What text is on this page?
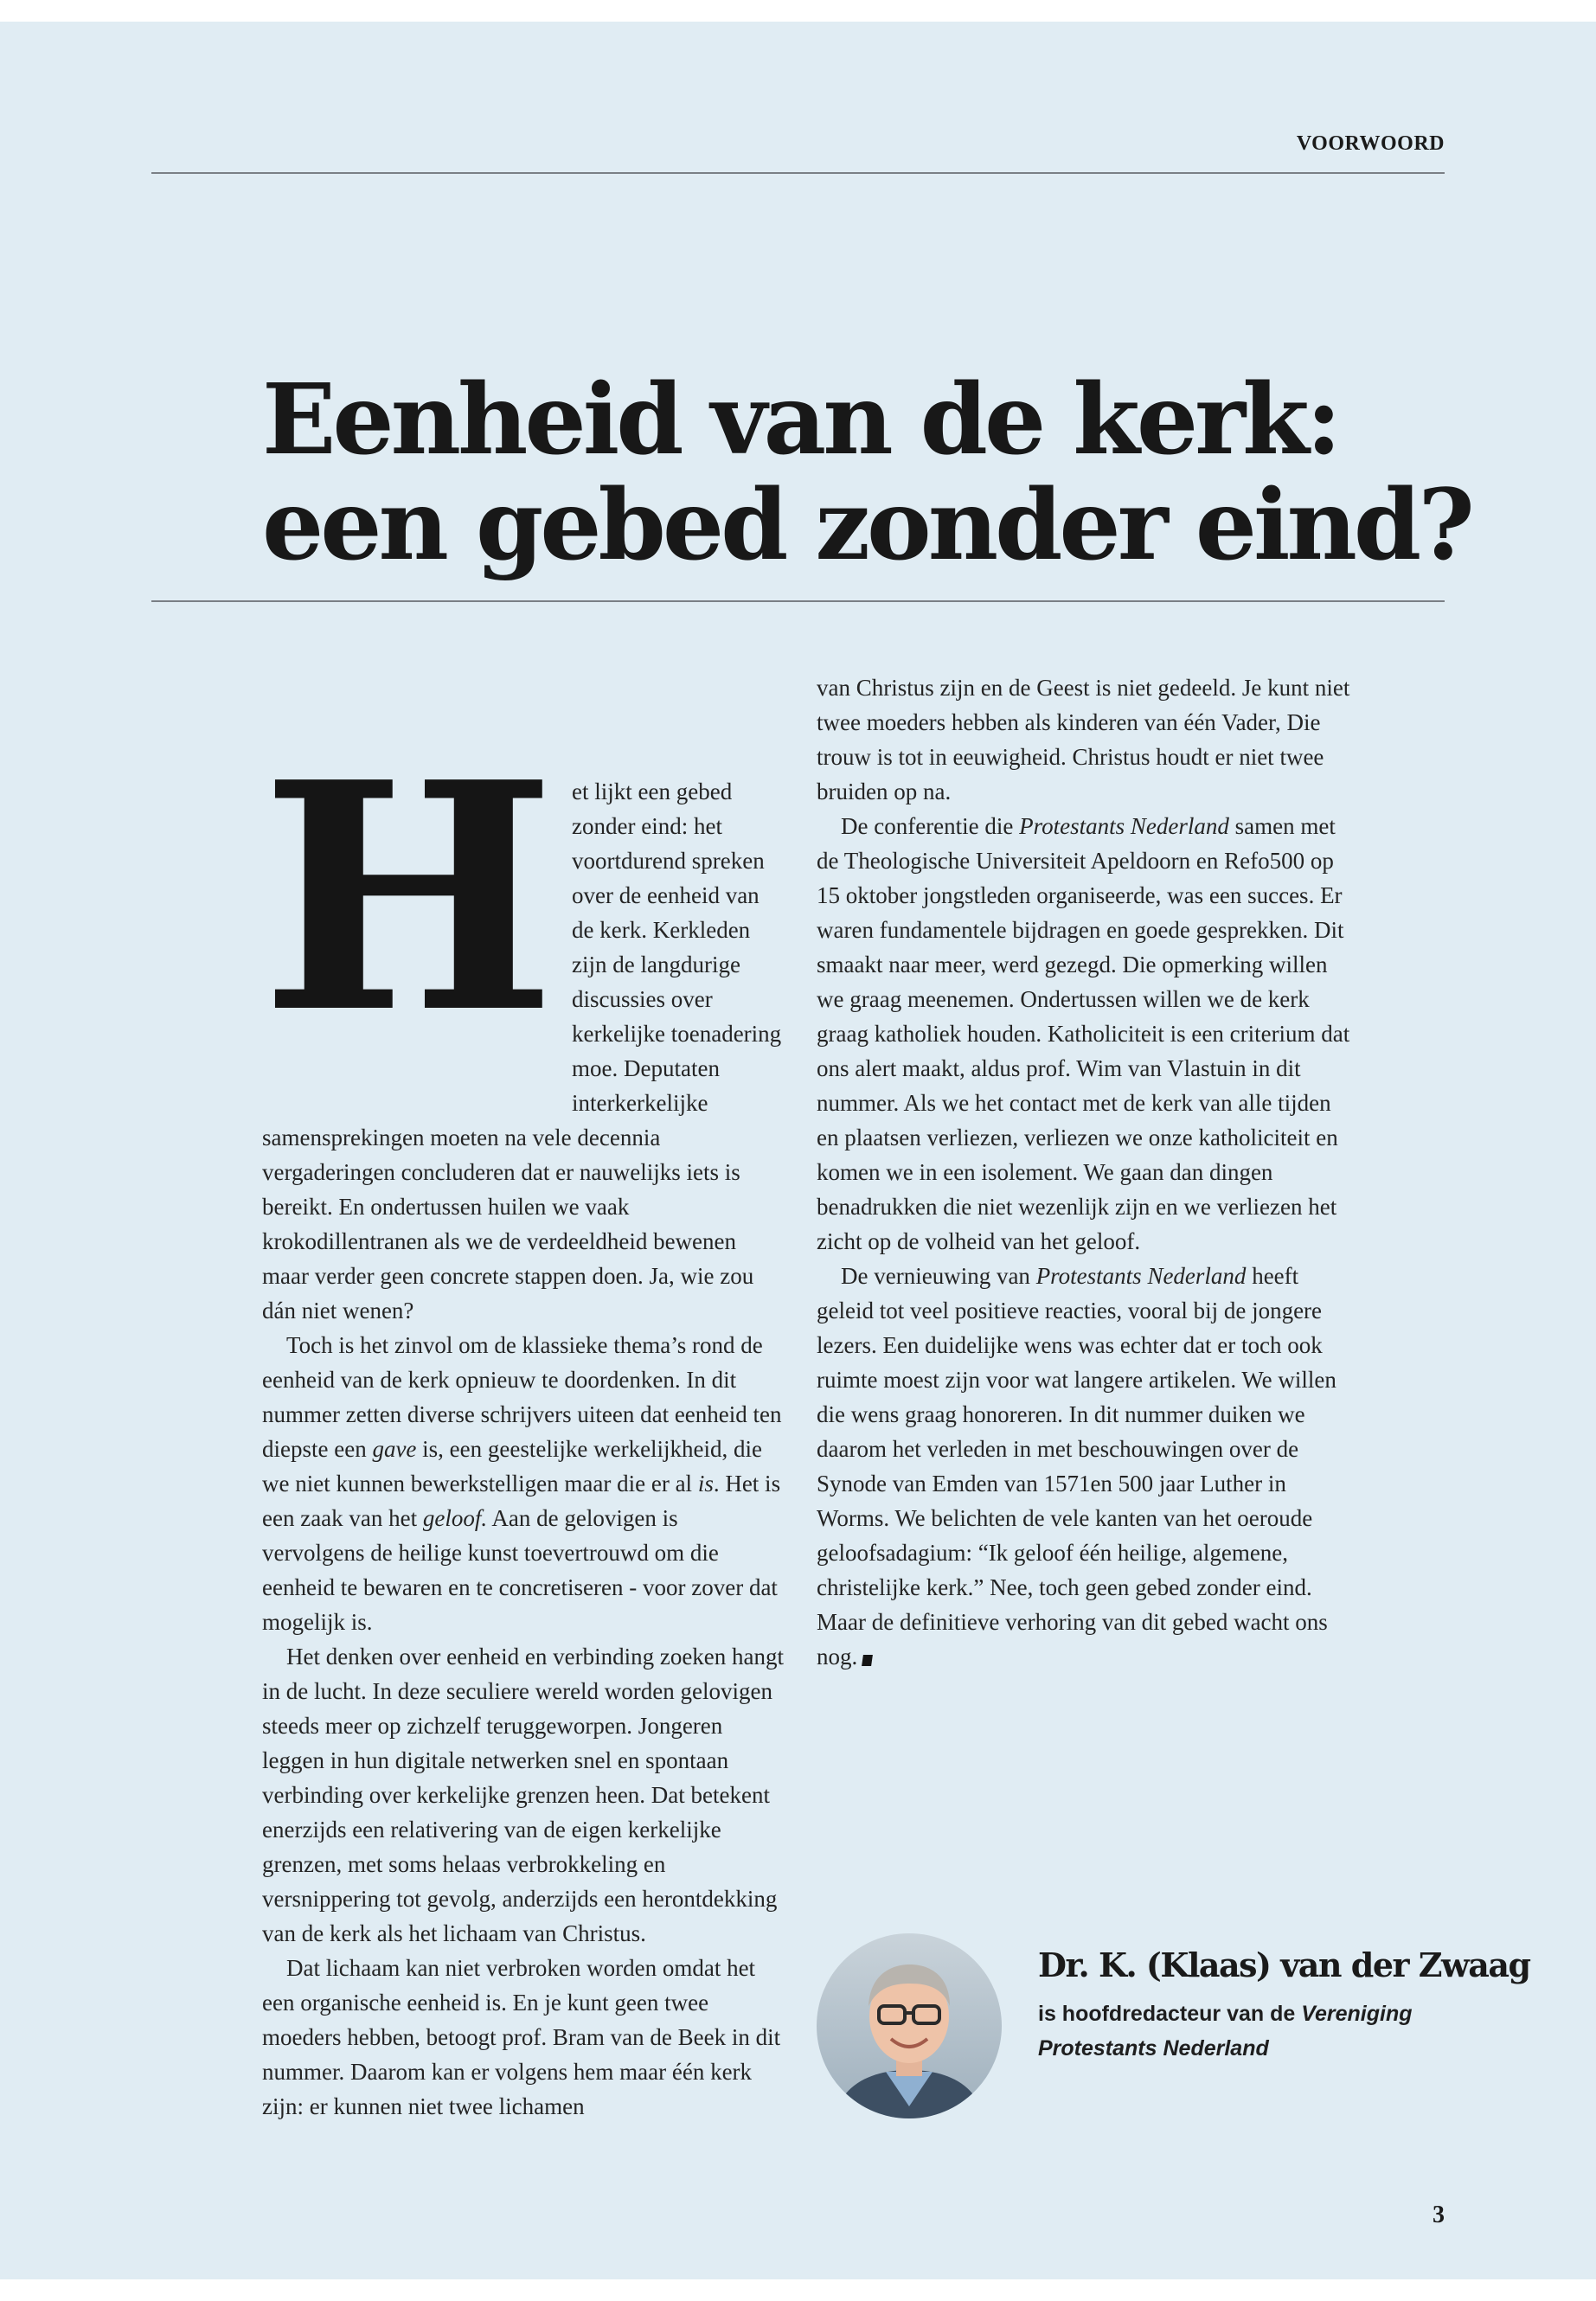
VOORWOORD
Eenheid van de kerk:
een gebed zonder eind?
H et lijkt een gebed zonder eind: het voortdurend spreken over de eenheid van de kerk. Kerkleden zijn de langdurige discussies over kerkelijke toenadering moe. Deputaten interkerkelijke samensprekingen moeten na vele decennia vergaderingen concluderen dat er nauwelijks iets is bereikt. En ondertussen huilen we vaak krokodillentranen als we de verdeeldheid bewenen maar verder geen concrete stappen doen. Ja, wie zou dán niet wenen?

Toch is het zinvol om de klassieke thema’s rond de eenheid van de kerk opnieuw te doordenken. In dit nummer zetten diverse schrijvers uiteen dat eenheid ten diepste een gave is, een geestelijke werkelijkheid, die we niet kunnen bewerkstelligen maar die er al is. Het is een zaak van het geloof. Aan de gelovigen is vervolgens de heilige kunst toevertrouwd om die eenheid te bewaren en te concretiseren - voor zover dat mogelijk is.

Het denken over eenheid en verbinding zoeken hangt in de lucht. In deze seculiere wereld worden gelovigen steeds meer op zichzelf teruggeworpen. Jongeren leggen in hun digitale netwerken snel en spontaan verbinding over kerkelijke grenzen heen. Dat betekent enerzijds een relativering van de eigen kerkelijke grenzen, met soms helaas verbrokkeling en versnippering tot gevolg, anderzijds een herontdekking van de kerk als het lichaam van Christus.

Dat lichaam kan niet verbroken worden omdat het een organische eenheid is. En je kunt geen twee moeders hebben, betoogt prof. Bram van de Beek in dit nummer. Daarom kan er volgens hem maar één kerk zijn: er kunnen niet twee lichamen

van Christus zijn en de Geest is niet gedeeld. Je kunt niet twee moeders hebben als kinderen van één Vader, Die trouw is tot in eeuwigheid. Christus houdt er niet twee bruiden op na.

De conferentie die Protestants Nederland samen met de Theologische Universiteit Apeldoorn en Refo500 op 15 oktober jongstleden organiseerde, was een succes. Er waren fundamentele bijdragen en goede gesprekken. Dit smaakt naar meer, werd gezegd. Die opmerking willen we graag meenemen. Ondertussen willen we de kerk graag katholiek houden. Katholiciteit is een criterium dat ons alert maakt, aldus prof. Wim van Vlastuin in dit nummer. Als we het contact met de kerk van alle tijden en plaatsen verliezen, verliezen we onze katholiciteit en komen we in een isolement. We gaan dan dingen benadrukken die niet wezenlijk zijn en we verliezen het zicht op de volheid van het geloof.

De vernieuwing van Protestants Nederland heeft geleid tot veel positieve reacties, vooral bij de jongere lezers. Een duidelijke wens was echter dat er toch ook ruimte moest zijn voor wat langere artikelen. We willen die wens graag honoreren. In dit nummer duiken we daarom het verleden in met beschouwingen over de Synode van Emden van 1571en 500 jaar Luther in Worms. We belichten de vele kanten van het oeroude geloofsadagium: “Ik geloof één heilige, algemene, christelijke kerk.” Nee, toch geen gebed zonder eind. Maar de definitieve verhoring van dit gebed wacht ons nog.

Dr. K. (Klaas) van der Zwaag
is hoofdredacteur van de Vereniging Protestants Nederland
3
